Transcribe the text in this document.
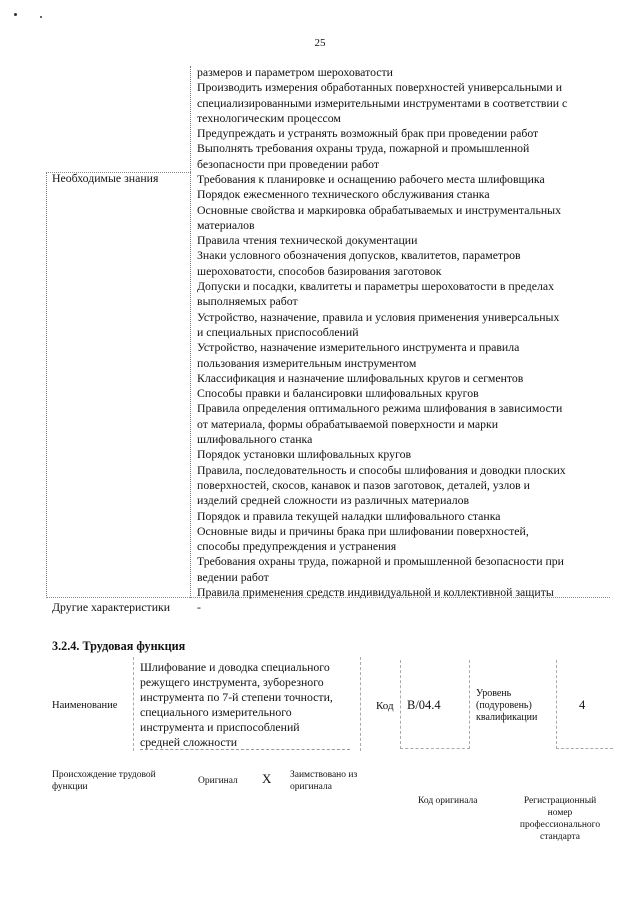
25

размеров и параметром шероховатости

Производить измерения обработанных поверхностей универсальными и

специализированными измерительными инструментами в соответствии с

технологическим процессом

Предупреждать и устранять возможный брак при проведении работ

Выполнять требования охраны труда, пожарной и промышленной

безопасности при проведении работ

Необходимые знания	Требования к планировке и оснащению рабочего места шлифовщика

Порядок ежесменного технического обслуживания станка

Основные свойства и маркировка обрабатываемых и инструментальных

материалов

Правила чтения технической документации

Знаки условного обозначения допусков, квалитетов, параметров

шероховатости, способов базирования заготовок

Допуски и посадки, квалитеты и параметры шероховатости в пределах

выполняемых работ

Устройство, назначение, правила и условия применения универсальных

и специальных приспособлений

Устройство, назначение измерительного инструмента и правила

пользования измерительным инструментом

Классификация и назначение шлифовальных кругов и сегментов

Способы правки и балансировки шлифовальных кругов

Правила определения оптимального режима шлифования в зависимости

от материала, формы обрабатываемой поверхности и марки

шлифовального станка

Порядок установки шлифовальных кругов

Правила, последовательность и способы шлифования и доводки плоских

поверхностей, скосов, канавок и пазов заготовок, деталей, узлов и

изделий средней сложности из различных материалов

Порядок и правила текущей наладки шлифовального станка

Основные виды и причины брака при шлифовании поверхностей,

способы предупреждения и устранения

Требования охраны труда, пожарной и промышленной безопасности при

ведении работ

Правила применения средств индивидуальной и коллективной защиты

Другие характеристики -
3.2.4. Трудовая функция
Наименование
Шлифование и доводка специального
режущего инструмента, зуборезного
инструмента по 7-й степени точности,
специального измерительного
инструмента и приспособлений
средней сложности
Код B/04.4
Уровень
(подуровень)
квалификации
4
Происхождение трудовой
функции
Оригинал X Заимствовано из
оригинала
Код оригинала	Регистрационный
номер
профессионального
стандарта
